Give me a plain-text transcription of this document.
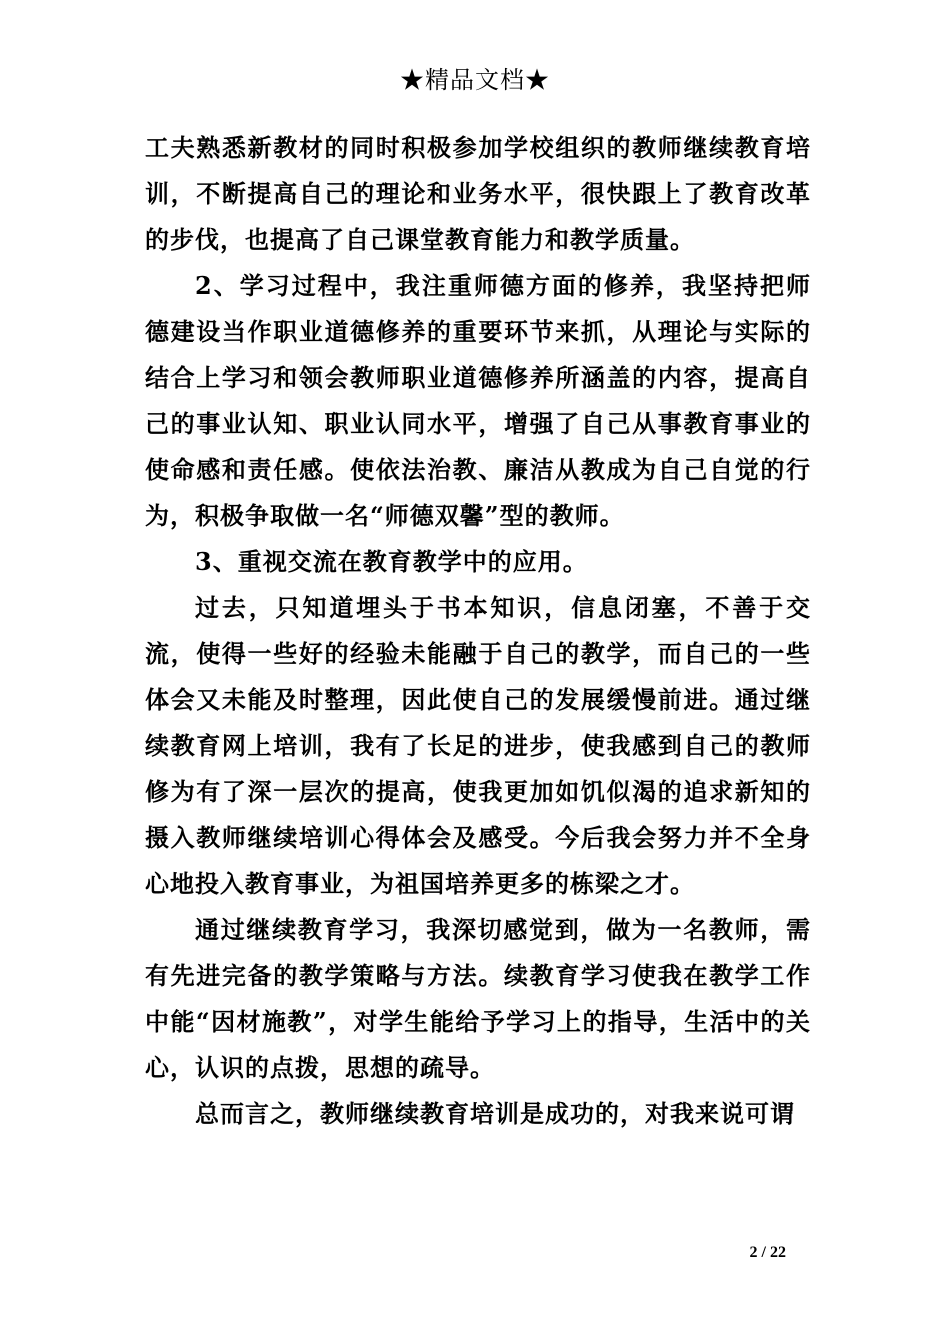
★精品文档★

工夫熟悉新教材的同时积极参加学校组织的教师继续教育培训，不断提高自己的理论和业务水平，很快跟上了教育改革的步伐，也提高了自己课堂教育能力和教学质量。

2、学习过程中，我注重师德方面的修养，我坚持把师德建设当作职业道德修养的重要环节来抓，从理论与实际的结合上学习和领会教师职业道德修养所涵盖的内容，提高自己的事业认知、职业认同水平，增强了自己从事教育事业的使命感和责任感。使依法治教、廉洁从教成为自己自觉的行为，积极争取做一名“师德双馨”型的教师。

3、重视交流在教育教学中的应用。

过去，只知道埋头于书本知识，信息闭塞，不善于交流，使得一些好的经验未能融于自己的教学，而自己的一些体会又未能及时整理，因此使自己的发展缓慢前进。通过继续教育网上培训，我有了长足的进步，使我感到自己的教师修为有了深一层次的提高，使我更加如饥似渴的追求新知的摄入教师继续培训心得体会及感受。今后我会努力并不全身心地投入教育事业，为祖国培养更多的栋梁之才。

通过继续教育学习，我深切感觉到，做为一名教师，需有先进完备的教学策略与方法。续教育学习使我在教学工作中能“因材施教”，对学生能给予学习上的指导，生活中的关心，认识的点拨，思想的疏导。

总而言之，教师继续教育培训是成功的，对我来说可谓

2 / 22
